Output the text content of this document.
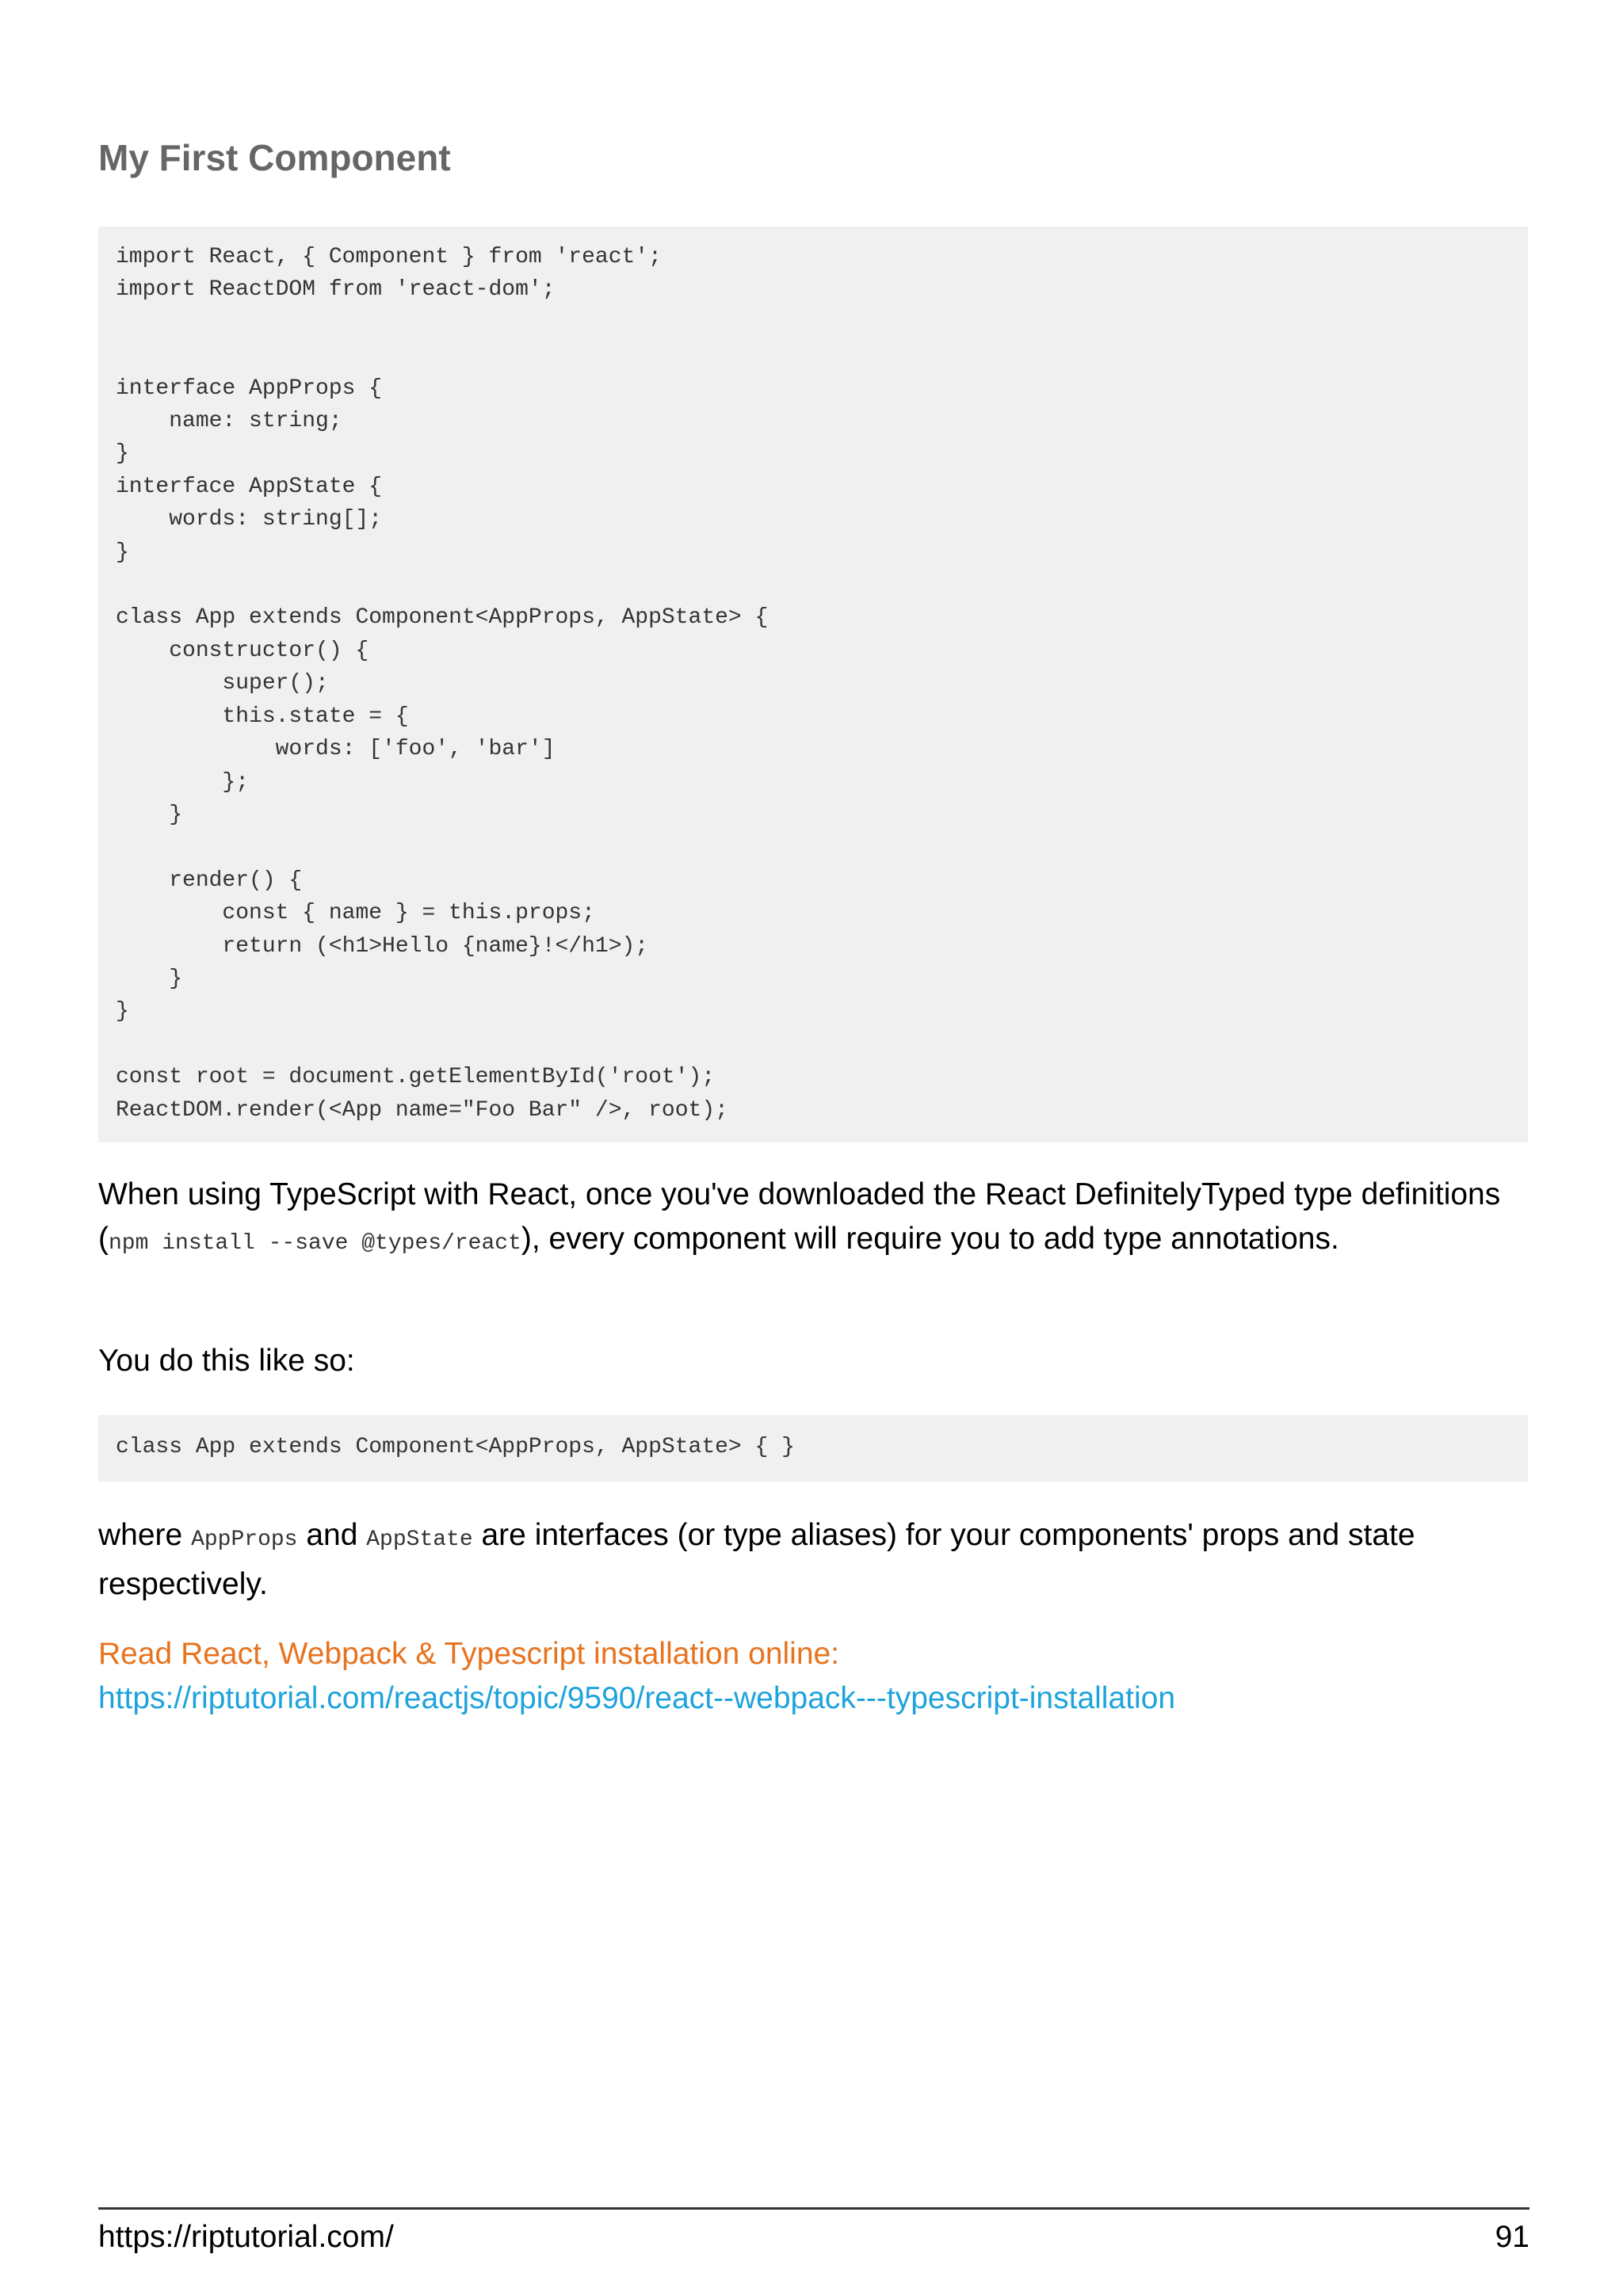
My First Component
import React, { Component } from 'react';
import ReactDOM from 'react-dom';

interface AppProps {
name: string;
}
interface AppState {
words: string[];
}

class App extends Component<AppProps, AppState> {
constructor() {
super();
this.state = {
words: ['foo', 'bar']
};
}

render() {
const { name } = this.props;
return (<h1>Hello {name}!</h1>);
}
}

const root = document.getElementById('root');
ReactDOM.render(<App name="Foo Bar" />, root);

When using TypeScript with React, once you've downloaded the React DefinitelyTyped type definitions (npm install --save @types/react), every component will require you to add type annotations.

You do this like so:

class App extends Component<AppProps, AppState> { }

where AppProps and AppState are interfaces (or type aliases) for your components' props and state respectively.

Read React, Webpack & Typescript installation online:
https://riptutorial.com/reactjs/topic/9590/react--webpack---typescript-installation
https://riptutorial.com/	91
